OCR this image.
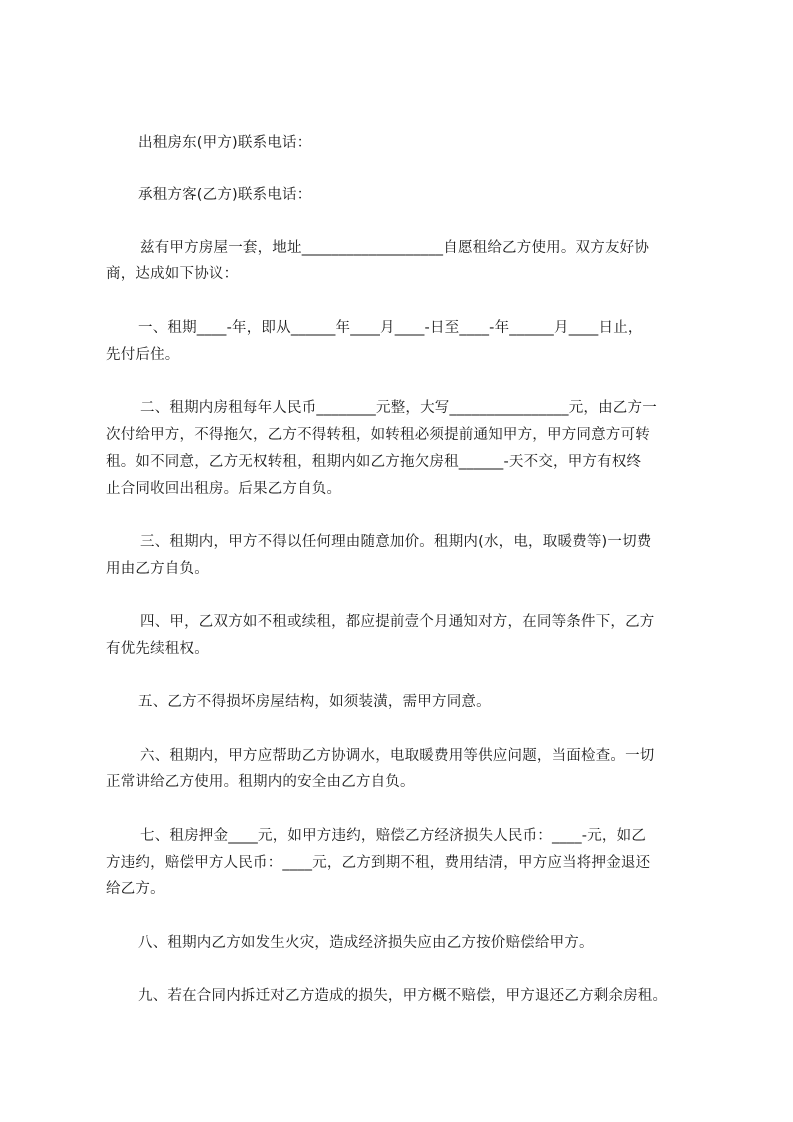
出租房东(甲方)联系电话：
承租方客(乙方)联系电话：
兹有甲方房屋一套，地址___________________自愿租给乙方使用。双方友好协
商，达成如下协议：
一、租期____-年，即从______年____月____-日至____-年______月____日止，
先付后住。
二、租期内房租每年人民币________元整，大写________________元，由乙方一
次付给甲方，不得拖欠，乙方不得转租，如转租必须提前通知甲方，甲方同意方可转
租。如不同意，乙方无权转租，租期内如乙方拖欠房租______-天不交，甲方有权终
止合同收回出租房。后果乙方自负。
三、租期内，甲方不得以任何理由随意加价。租期内(水，电，取暖费等)一切费
用由乙方自负。
四、甲，乙双方如不租或续租，都应提前壹个月通知对方，在同等条件下，乙方
有优先续租权。
五、乙方不得损坏房屋结构，如须装潢，需甲方同意。
六、租期内，甲方应帮助乙方协调水，电取暖费用等供应问题，当面检查。一切
正常讲给乙方使用。租期内的安全由乙方自负。
七、租房押金____元，如甲方违约，赔偿乙方经济损失人民币：____-元，如乙
方违约，赔偿甲方人民币：____元，乙方到期不租，费用结清，甲方应当将押金退还
给乙方。
八、租期内乙方如发生火灾，造成经济损失应由乙方按价赔偿给甲方。
九、若在合同内拆迁对乙方造成的损失，甲方概不赔偿，甲方退还乙方剩余房租。
